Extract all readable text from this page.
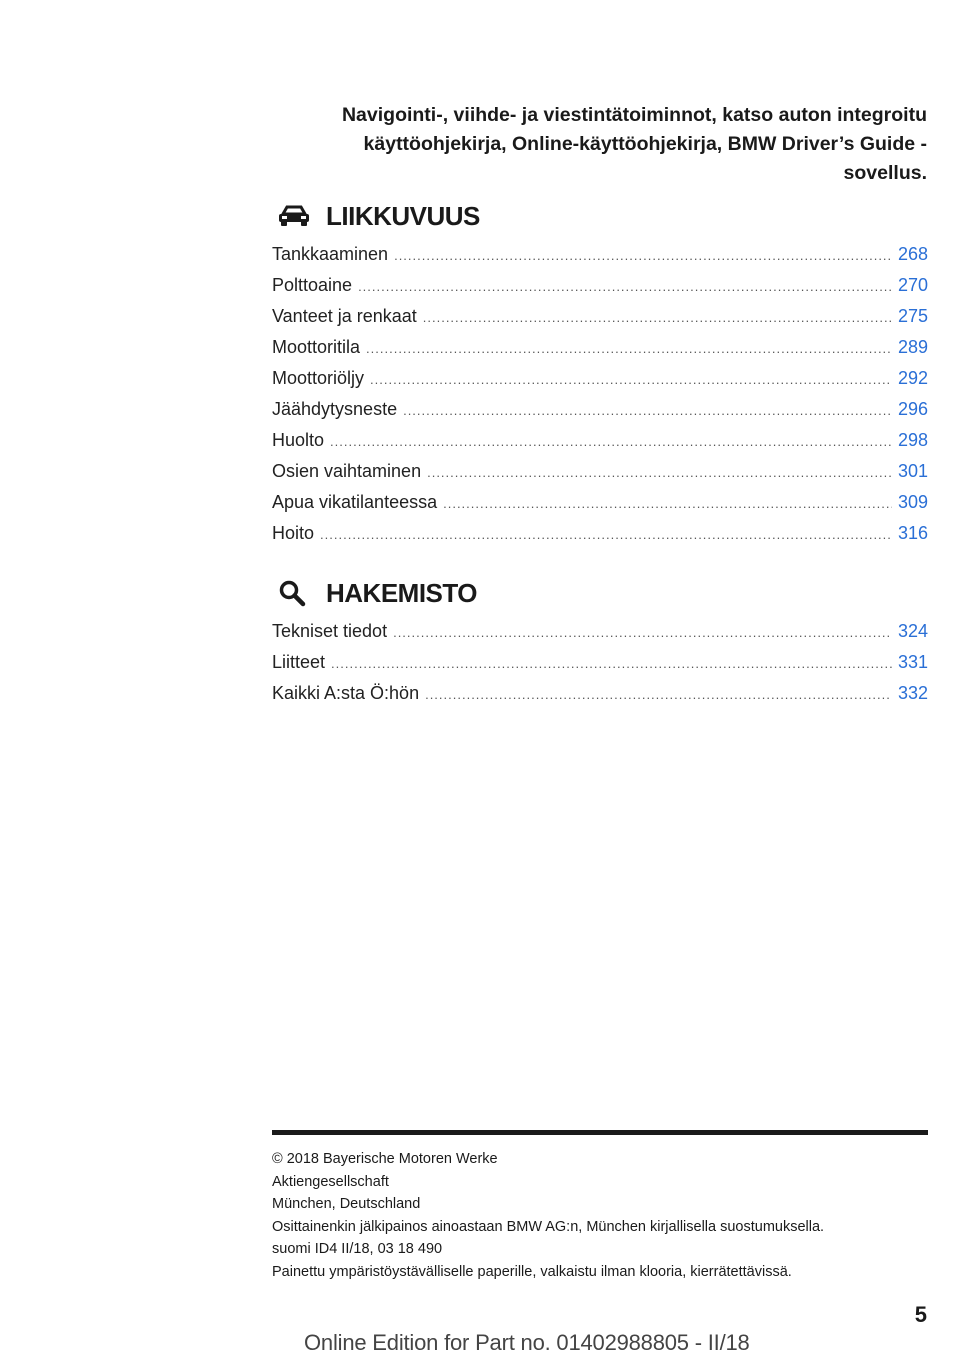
Navigointi-, viihde- ja viestintätoiminnot, katso auton integroitu
käyttöohjekirja, Online-käyttöohjekirja, BMW Driver’s Guide -
sovellus.
LIIKKUVUUS
Tankkaaminen .....	268
Polttoaine .....	270
Vanteet ja renkaat .....	275
Moottoritila .....	289
Moottoriöljy .....	292
Jäähdytysneste .....	296
Huolto .....	298
Osien vaihtaminen .....	301
Apua vikatilanteessa .....	309
Hoito .....	316
HAKEMISTO
Tekniset tiedot .....	324
Liitteet .....	331
Kaikki A:sta Ö:hön .....	332
© 2018 Bayerische Motoren Werke
Aktiengesellschaft
München, Deutschland
Osittainenkin jälkipainos ainoastaan BMW AG:n, München kirjallisella suostumuksella.
suomi ID4 II/18, 03 18 490
Painettu ympäristöystävälliselle paperille, valkaistu ilman klooria, kierrätettävissä.
5
Online Edition for Part no. 01402988805 - II/18
